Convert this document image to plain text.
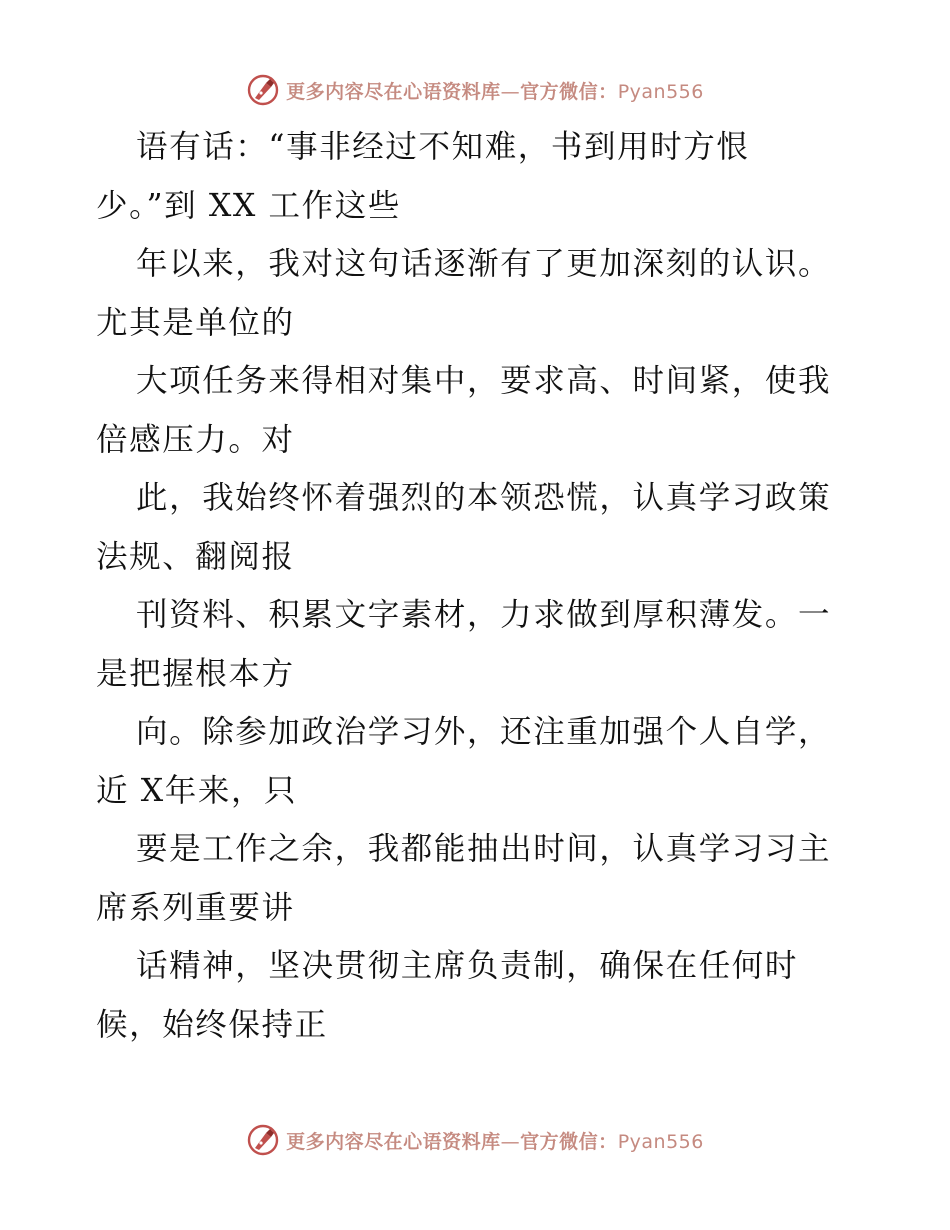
更多内容尽在心语资料库—官方微信：Pyan556
语有话：“事非经过不知难，书到用时方恨
少。”到 XX 工作这些
年以来，我对这句话逐渐有了更加深刻的认识。
尤其是单位的
大项任务来得相对集中，要求高、时间紧，使我
倍感压力。对
此，我始终怀着强烈的本领恐慌，认真学习政策
法规、翻阅报
刊资料、积累文字素材，力求做到厚积薄发。一
是把握根本方
向。除参加政治学习外，还注重加强个人自学，
近 X年来，只
要是工作之余，我都能抽出时间，认真学习习主
席系列重要讲
话精神，坚决贯彻主席负责制，确保在任何时
候，始终保持正
更多内容尽在心语资料库—官方微信：Pyan556
